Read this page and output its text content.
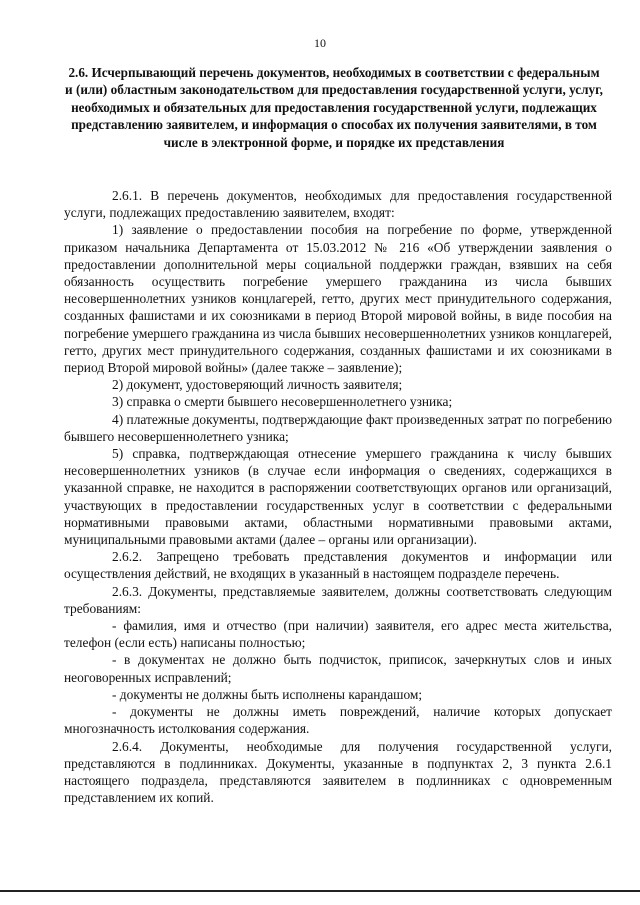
10
2.6. Исчерпывающий перечень документов, необходимых в соответствии с федеральным и (или) областным законодательством для предоставления государственной услуги, услуг, необходимых и обязательных для предоставления государственной услуги, подлежащих представлению заявителем, и информация о способах их получения заявителями, в том числе в электронной форме, и порядке их представления

2.6.1. В перечень документов, необходимых для предоставления государственной услуги, подлежащих предоставлению заявителем, входят:

1) заявление о предоставлении пособия на погребение по форме, утвержденной приказом начальника Департамента от 15.03.2012 № 216 «Об утверждении заявления о предоставлении дополнительной меры социальной поддержки граждан, взявших на себя обязанность осуществить погребение умершего гражданина из числа бывших несовершеннолетних узников концлагерей, гетто, других мест принудительного содержания, созданных фашистами и их союзниками в период Второй мировой войны, в виде пособия на погребение умершего гражданина из числа бывших несовершеннолетних узников концлагерей, гетто, других мест принудительного содержания, созданных фашистами и их союзниками в период Второй мировой войны» (далее также – заявление);

2) документ, удостоверяющий личность заявителя;

3) справка о смерти бывшего несовершеннолетнего узника;

4) платежные документы, подтверждающие факт произведенных затрат по погребению бывшего несовершеннолетнего узника;

5) справка, подтверждающая отнесение умершего гражданина к числу бывших несовершеннолетних узников (в случае если информация о сведениях, содержащихся в указанной справке, не находится в распоряжении соответствующих органов или организаций, участвующих в предоставлении государственных услуг в соответствии с федеральными нормативными правовыми актами, областными нормативными правовыми актами, муниципальными правовыми актами (далее – органы или организации).

2.6.2. Запрещено требовать представления документов и информации или осуществления действий, не входящих в указанный в настоящем подразделе перечень.

2.6.3. Документы, представляемые заявителем, должны соответствовать следующим требованиям:

- фамилия, имя и отчество (при наличии) заявителя, его адрес места жительства, телефон (если есть) написаны полностью;

- в документах не должно быть подчисток, приписок, зачеркнутых слов и иных неоговоренных исправлений;

- документы не должны быть исполнены карандашом;

- документы не должны иметь повреждений, наличие которых допускает многозначность истолкования содержания.

2.6.4. Документы, необходимые для получения государственной услуги, представляются в подлинниках. Документы, указанные в подпунктах 2, 3 пункта 2.6.1 настоящего подраздела, представляются заявителем в подлинниках с одновременным представлением их копий.
